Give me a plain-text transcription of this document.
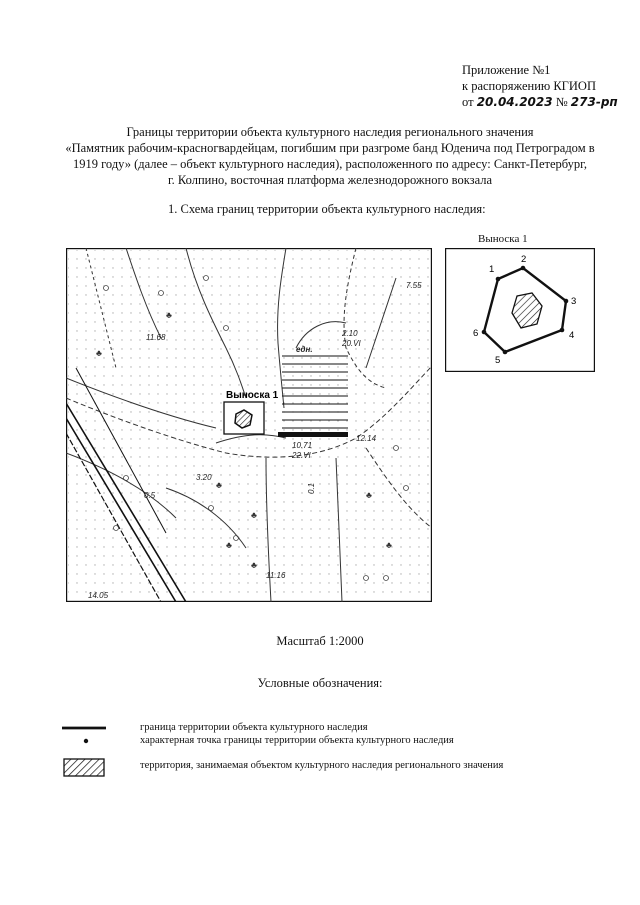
Приложение №1
к распоряжению КГИОП
от 20.04.2023 № 273-рп
Границы территории объекта культурного наследия регионального значения
«Памятник рабочим-красногвардейцам, погибшим при разгроме банд Юденича под Петроградом в
1919 году» (далее – объект культурного наследия), расположенного по адресу: Санкт-Петербург,
г. Колпино, восточная платформа железнодорожного вокзала
1. Схема границ территории объекта культурного наследия:
Выноска 1
Выноска 1
7.55
11.68	2.10
20.VI
едн.
12.14
10.71
22.VI
3.20
0.5
11.16
14.05
0.1
♣
♣
♣
♣
♣
♣
♣
♣
1
2
3
4
5
6
Масштаб 1:2000
Условные обозначения:
граница территории объекта культурного наследия
характерная точка границы территории объекта культурного наследия
территория, занимаемая объектом культурного наследия регионального значения
